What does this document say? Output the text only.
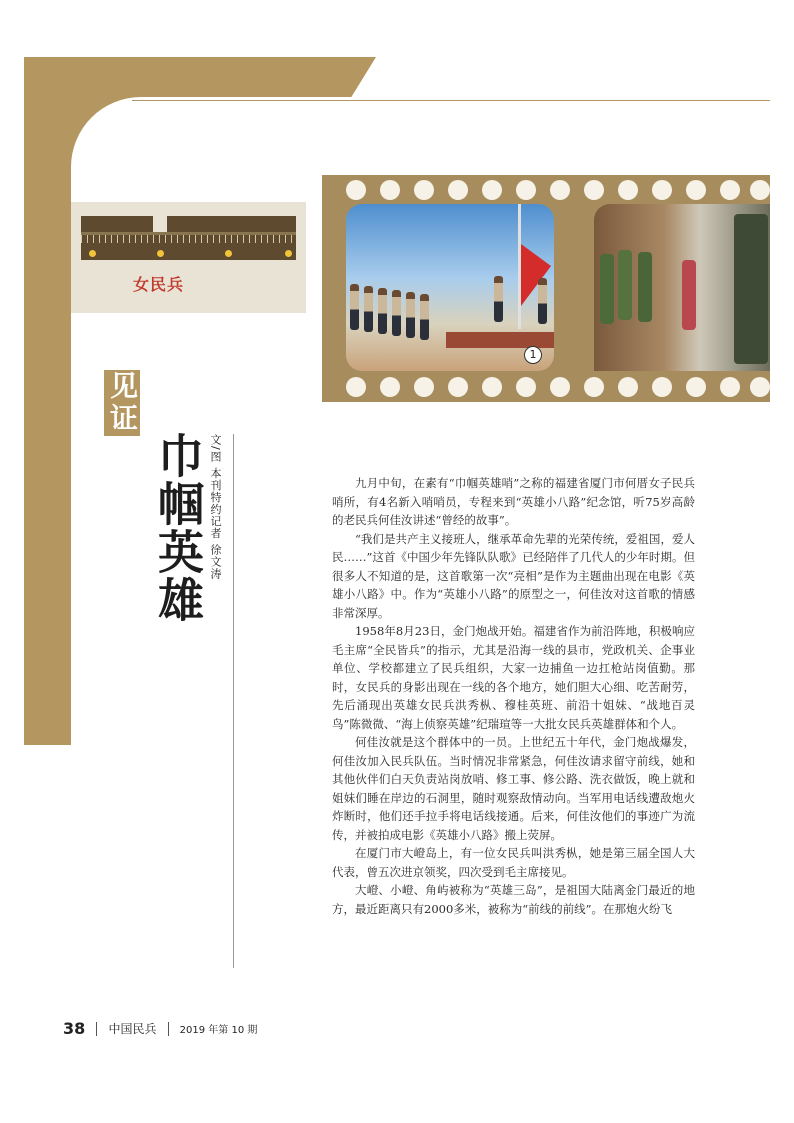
女民兵
1
见证
巾帼英雄 文/图 本刊特约记者 徐文涛	九月中旬，在素有“巾帼英雄哨”之称的福建省厦门市何厝女子民兵哨所，有4名新入哨哨员，专程来到“英雄小八路”纪念馆，听75岁高龄的老民兵何佳汝讲述“曾经的故事”。

“我们是共产主义接班人，继承革命先辈的光荣传统，爱祖国，爱人民……”这首《中国少年先锋队队歌》已经陪伴了几代人的少年时期。但很多人不知道的是，这首歌第一次“亮相”是作为主题曲出现在电影《英雄小八路》中。作为“英雄小八路”的原型之一，何佳汝对这首歌的情感非常深厚。

1958年8月23日，金门炮战开始。福建省作为前沿阵地，积极响应毛主席“全民皆兵”的指示，尤其是沿海一线的县市，党政机关、企事业单位、学校都建立了民兵组织，大家一边捕鱼一边扛枪站岗值勤。那时，女民兵的身影出现在一线的各个地方，她们胆大心细、吃苦耐劳，先后涌现出英雄女民兵洪秀枞、穆桂英班、前沿十姐妹、“战地百灵鸟”陈微微、“海上侦察英雄”纪瑞瑄等一大批女民兵英雄群体和个人。

何佳汝就是这个群体中的一员。上世纪五十年代，金门炮战爆发，何佳汝加入民兵队伍。当时情况非常紧急，何佳汝请求留守前线，她和其他伙伴们白天负责站岗放哨、修工事、修公路、洗衣做饭，晚上就和姐妹们睡在岸边的石洞里，随时观察敌情动向。当军用电话线遭敌炮火炸断时，他们还手拉手将电话线接通。后来，何佳汝他们的事迹广为流传，并被拍成电影《英雄小八路》搬上荧屏。

在厦门市大嶝岛上，有一位女民兵叫洪秀枞，她是第三届全国人大代表，曾五次进京领奖，四次受到毛主席接见。

大嶝、小嶝、角屿被称为“英雄三岛”，是祖国大陆离金门最近的地方，最近距离只有2000多米，被称为“前线的前线”。在那炮火纷飞

38 中国民兵 2019 年第 10 期
